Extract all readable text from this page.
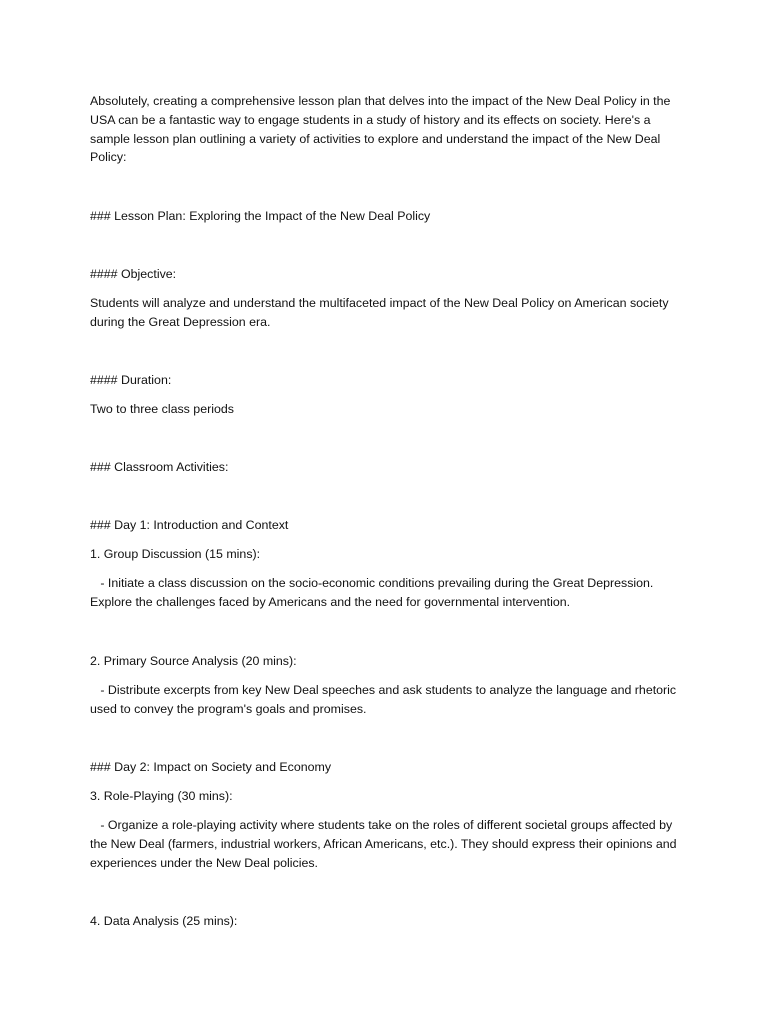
Absolutely, creating a comprehensive lesson plan that delves into the impact of the New Deal Policy in the USA can be a fantastic way to engage students in a study of history and its effects on society. Here's a sample lesson plan outlining a variety of activities to explore and understand the impact of the New Deal Policy:

### Lesson Plan: Exploring the Impact of the New Deal Policy

#### Objective:

Students will analyze and understand the multifaceted impact of the New Deal Policy on American society during the Great Depression era.

#### Duration:

Two to three class periods

### Classroom Activities:

### Day 1: Introduction and Context

1. Group Discussion (15 mins):

- Initiate a class discussion on the socio-economic conditions prevailing during the Great Depression. Explore the challenges faced by Americans and the need for governmental intervention.

2. Primary Source Analysis (20 mins):

- Distribute excerpts from key New Deal speeches and ask students to analyze the language and rhetoric used to convey the program's goals and promises.

### Day 2: Impact on Society and Economy

3. Role-Playing (30 mins):

- Organize a role-playing activity where students take on the roles of different societal groups affected by the New Deal (farmers, industrial workers, African Americans, etc.). They should express their opinions and experiences under the New Deal policies.

4. Data Analysis (25 mins):
